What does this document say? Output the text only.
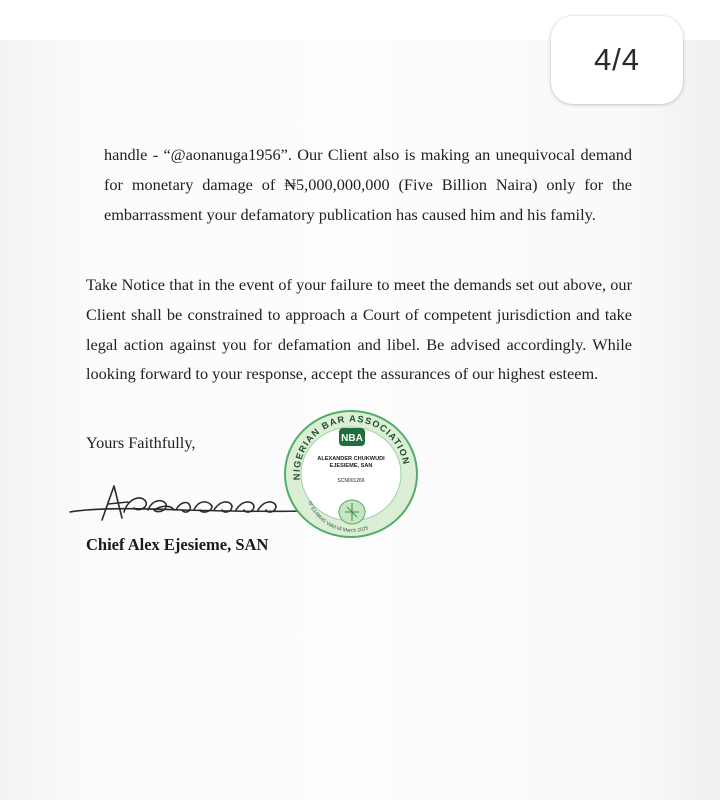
4/4

handle - “@aonanuga1956”. Our Client also is making an unequivocal demand for monetary damage of ₦5,000,000,000 (Five Billion Naira) only for the embarrassment your defamatory publication has caused him and his family.

Take Notice that in the event of your failure to meet the demands set out above, our Client shall be constrained to approach a Court of competent jurisdiction and take legal action against you for defamation and libel. Be advised accordingly. While looking forward to your response, accept the assurances of our highest esteem.

Yours Faithfully,

Chief Alex Ejesieme, SAN

NIGERIAN BAR ASSOCIATION
Nº E148645 Valid till March 2025
NBA

ALEXANDER CHUKWUDI
EJESIEME, SAN

SCN001266
